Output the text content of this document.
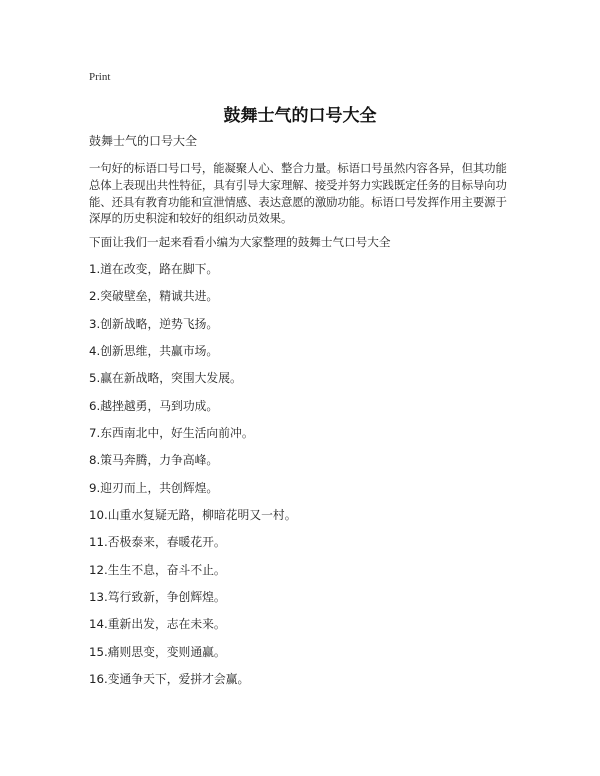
Print
鼓舞士气的口号大全

鼓舞士气的口号大全

一句好的标语口号口号，能凝聚人心、整合力量。标语口号虽然内容各异，但其功能总体上表现出共性特征，具有引导大家理解、接受并努力实践既定任务的目标导向功能、还具有教育功能和宣泄情感、表达意愿的激励功能。标语口号发挥作用主要源于深厚的历史积淀和较好的组织动员效果。

下面让我们一起来看看小编为大家整理的鼓舞士气口号大全

1.道在改变，路在脚下。
2.突破壁垒，精诚共进。
3.创新战略，逆势飞扬。
4.创新思维，共赢市场。
5.赢在新战略，突围大发展。
6.越挫越勇，马到功成。
7.东西南北中，好生活向前冲。
8.策马奔腾，力争高峰。
9.迎刃而上，共创辉煌。
10.山重水复疑无路，柳暗花明又一村。
11.否极泰来，春暖花开。
12.生生不息，奋斗不止。
13.笃行致新，争创辉煌。
14.重新出发，志在未来。
15.痛则思变，变则通赢。
16.变通争天下，爱拼才会赢。
